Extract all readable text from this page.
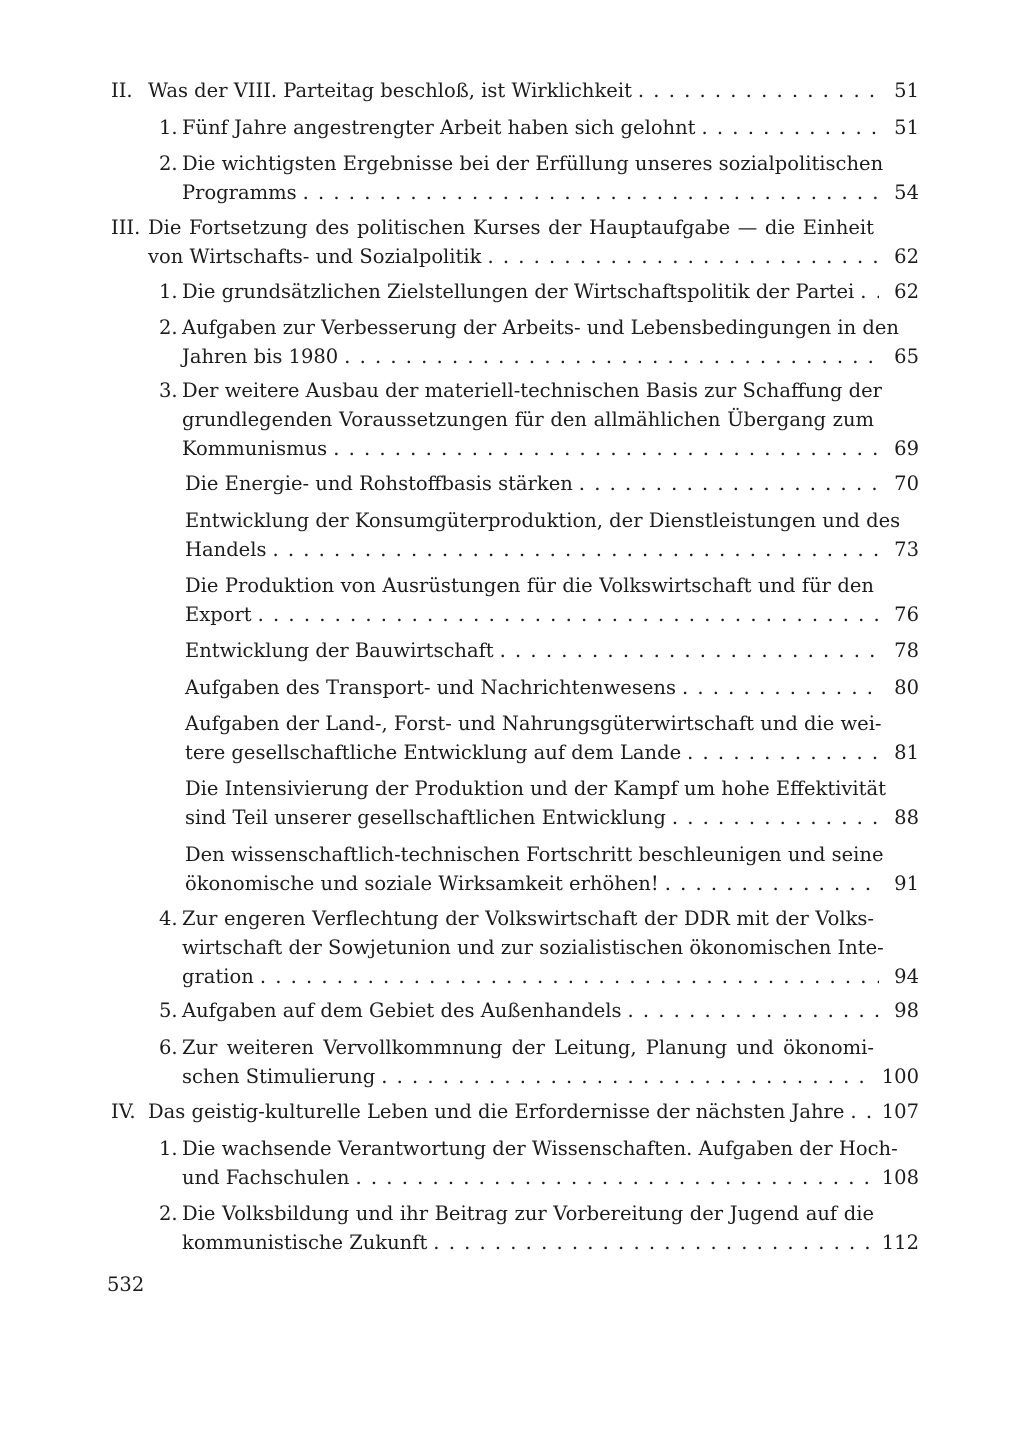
II. Was der VIII. Parteitag beschloß, ist Wirklichkeit . . .	51
1. Fünf Jahre angestrengter Arbeit haben sich gelohnt . . .	51
2. Die wichtigsten Ergebnisse bei der Erfüllung unseres sozialpolitischen
Programms . . .	54
III. Die Fortsetzung des politischen Kurses der Hauptaufgabe — die Einheit
von Wirtschafts- und Sozialpolitik . . .	62
1. Die grundsätzlichen Zielstellungen der Wirtschaftspolitik der Partei . . . 62
2. Aufgaben zur Verbesserung der Arbeits- und Lebensbedingungen in den
Jahren bis 1980 . . .	65
3. Der weitere Ausbau der materiell-technischen Basis zur Schaffung der
grundlegenden Voraussetzungen für den allmählichen Übergang zum
Kommunismus . . .	69
Die Energie- und Rohstoffbasis stärken . . .	70
Entwicklung der Konsumgüterproduktion, der Dienstleistungen und des
Handels . . .	73
Die Produktion von Ausrüstungen für die Volkswirtschaft und für den
Export . . .	76
Entwicklung der Bauwirtschaft . . .	78
Aufgaben des Transport- und Nachrichtenwesens . . .	80
Aufgaben der Land-, Forst- und Nahrungsgüterwirtschaft und die wei-
tere gesellschaftliche Entwicklung auf dem Lande . . .	81
Die Intensivierung der Produktion und der Kampf um hohe Effektivität
sind Teil unserer gesellschaftlichen Entwicklung . . .	88
Den wissenschaftlich-technischen Fortschritt beschleunigen und seine
ökonomische und soziale Wirksamkeit erhöhen! . . .	91
4. Zur engeren Verflechtung der Volkswirtschaft der DDR mit der Volks-
wirtschaft der Sowjetunion und zur sozialistischen ökonomischen Inte-
gration . . .	94
5. Aufgaben auf dem Gebiet des Außenhandels . . .	98
6. Zur weiteren Vervollkommnung der Leitung, Planung und ökonomi-
schen Stimulierung . . .	100
IV. Das geistig-kulturelle Leben und die Erfordernisse der nächsten Jahre . . . 107
1. Die wachsende Verantwortung der Wissenschaften. Aufgaben der Hoch-
und Fachschulen . . .	108
2. Die Volksbildung und ihr Beitrag zur Vorbereitung der Jugend auf die
kommunistische Zukunft . . .	112
532
